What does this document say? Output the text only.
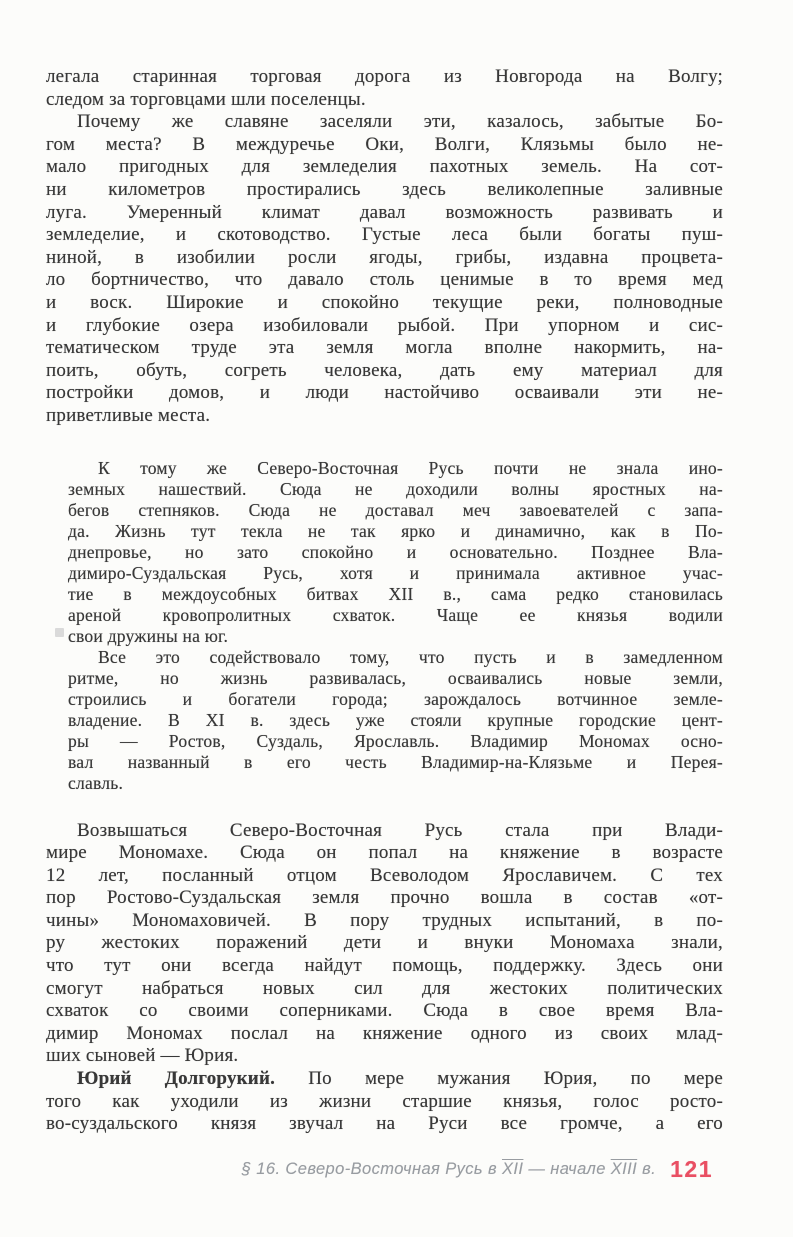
легала старинная торговая дорога из Новгорода на Волгу;
следом за торговцами шли поселенцы.
Почему же славяне заселяли эти, казалось, забытые Бо-
гом места? В междуречье Оки, Волги, Клязьмы было не-
мало пригодных для земледелия пахотных земель. На сот-
ни километров простирались здесь великолепные заливные
луга. Умеренный климат давал возможность развивать и
земледелие, и скотоводство. Густые леса были богаты пуш-
ниной, в изобилии росли ягоды, грибы, издавна процвета-
ло бортничество, что давало столь ценимые в то время мед
и воск. Широкие и спокойно текущие реки, полноводные
и глубокие озера изобиловали рыбой. При упорном и сис-
тематическом труде эта земля могла вполне накормить, на-
поить, обуть, согреть человека, дать ему материал для
постройки домов, и люди настойчиво осваивали эти не-
приветливые места.
К тому же Северо-Восточная Русь почти не знала ино-
земных нашествий. Сюда не доходили волны яростных на-
бегов степняков. Сюда не доставал меч завоевателей с запа-
да. Жизнь тут текла не так ярко и динамично, как в По-
днепровье, но зато спокойно и основательно. Позднее Вла-
димиро-Суздальская Русь, хотя и принимала активное учас-
тие в междоусобных битвах XII в., сама редко становилась
ареной кровопролитных схваток. Чаще ее князья водили
свои дружины на юг.
Все это содействовало тому, что пусть и в замедленном
ритме, но жизнь развивалась, осваивались новые земли,
строились и богатели города; зарождалось вотчинное земле-
владение. В XI в. здесь уже стояли крупные городские цент-
ры — Ростов, Суздаль, Ярославль. Владимир Мономах осно-
вал названный в его честь Владимир-на-Клязьме и Перея-
славль.
Возвышаться Северо-Восточная Русь стала при Влади-
мире Мономахе. Сюда он попал на княжение в возрасте
12 лет, посланный отцом Всеволодом Ярославичем. С тех
пор Ростово-Суздальская земля прочно вошла в состав «от-
чины» Мономаховичей. В пору трудных испытаний, в по-
ру жестоких поражений дети и внуки Мономаха знали,
что тут они всегда найдут помощь, поддержку. Здесь они
смогут набраться новых сил для жестоких политических
схваток со своими соперниками. Сюда в свое время Вла-
димир Мономах послал на княжение одного из своих млад-
ших сыновей — Юрия.
Юрий Долгорукий. По мере мужания Юрия, по мере
того как уходили из жизни старшие князья, голос росто-
во-суздальского князя звучал на Руси все громче, а его
§ 16. Северо-Восточная Русь в $\overline{XII}$ — начале XIII в. 121
